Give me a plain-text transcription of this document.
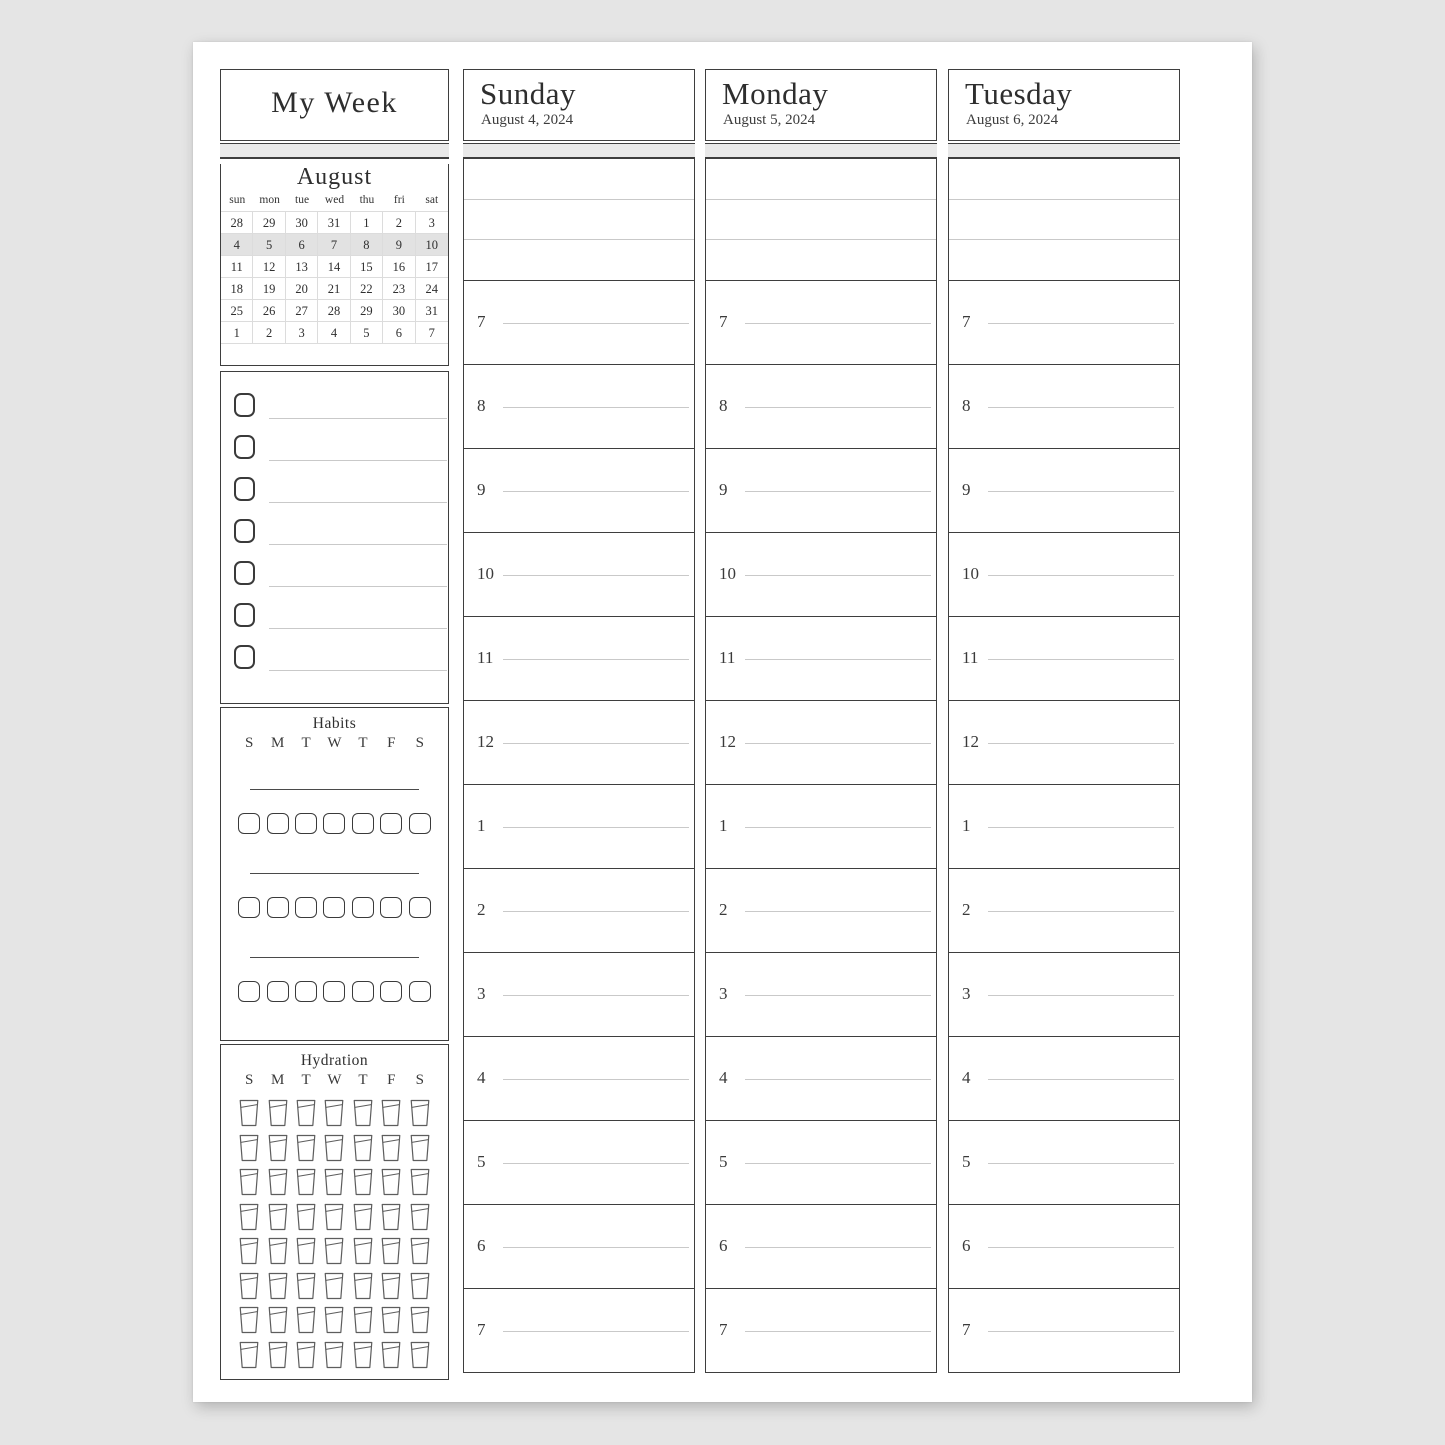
My Week
August
sun	mon	tue	wed	thu	fri	sat
28	29	30	31	1	2	3
4	5	6	7	8	9	10
11	12	13	14	15	16	17
18	19	20	21	22	23	24
25	26	27	28	29	30	31
1	2	3	4	5	6	7
Habits
S	M	T	W	T	F	S
Hydration
S	M	T	W	T	F	S
Sunday
August 4, 2024
7
8
9
10
11
12
1
2
3
4
5
6
7
Monday
August 5, 2024
7
8
9
10
11
12
1
2
3
4
5
6
7
Tuesday
August 6, 2024
7
8
9
10
11
12
1
2
3
4
5
6
7
